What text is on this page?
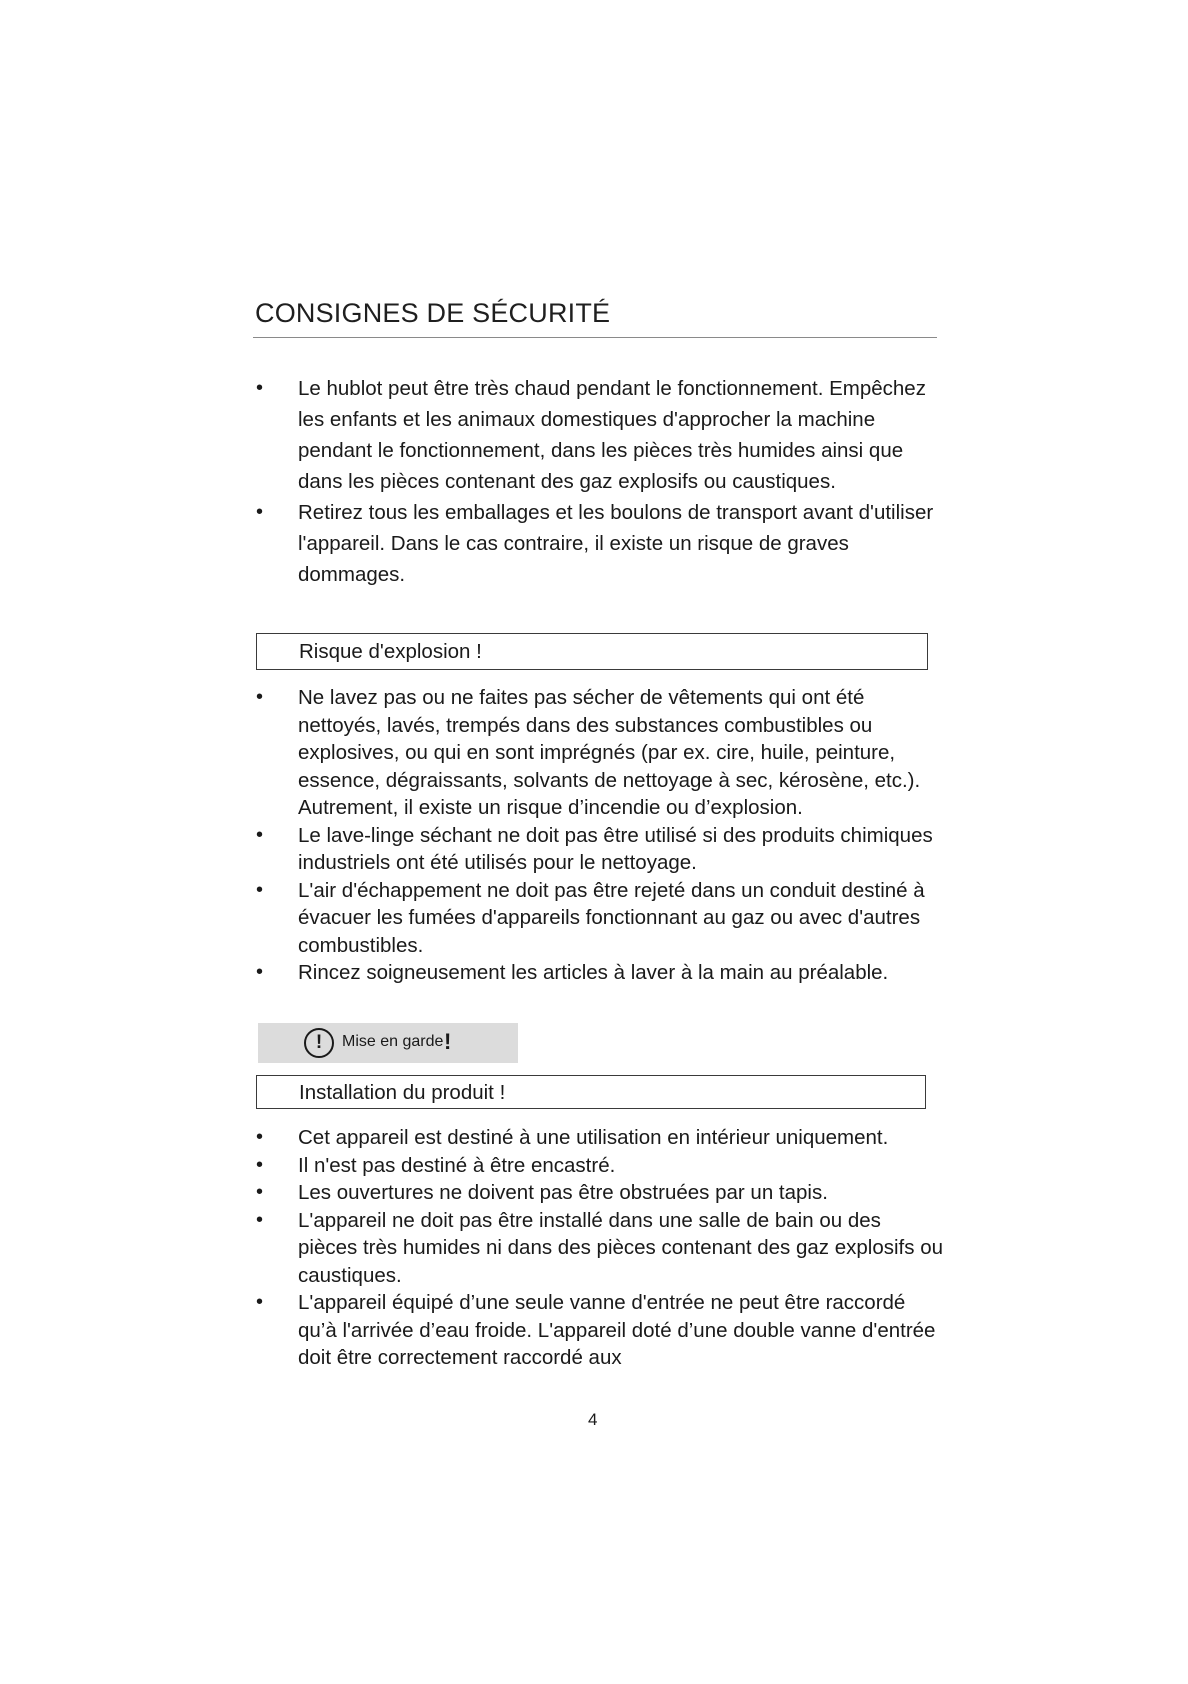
CONSIGNES DE SÉCURITÉ
• Le hublot peut être très chaud pendant le fonctionnement. Empêchez les enfants et les animaux domestiques d'approcher la machine pendant le fonctionnement, dans les pièces très humides ainsi que dans les pièces contenant des gaz explosifs ou caustiques.
• Retirez tous les emballages et les boulons de transport avant d'utiliser l'appareil. Dans le cas contraire, il existe un risque de graves dommages.
Risque d'explosion !
• Ne lavez pas ou ne faites pas sécher de vêtements qui ont été nettoyés, lavés, trempés dans des substances combustibles ou explosives, ou qui en sont imprégnés (par ex. cire, huile, peinture, essence, dégraissants, solvants de nettoyage à sec, kérosène, etc.). Autrement, il existe un risque d’incendie ou d’explosion.
• Le lave-linge séchant ne doit pas être utilisé si des produits chimiques industriels ont été utilisés pour le nettoyage.
• L'air d'échappement ne doit pas être rejeté dans un conduit destiné à évacuer les fumées d'appareils fonctionnant au gaz ou avec d'autres combustibles.
• Rincez soigneusement les articles à laver à la main au préalable.
!	Mise en garde !
Installation du produit !
• Cet appareil est destiné à une utilisation en intérieur uniquement.
• Il n'est pas destiné à être encastré.
• Les ouvertures ne doivent pas être obstruées par un tapis.
• L'appareil ne doit pas être installé dans une salle de bain ou des pièces très humides ni dans des pièces contenant des gaz explosifs ou caustiques.
• L'appareil équipé d’une seule vanne d'entrée ne peut être raccordé qu’à l'arrivée d’eau froide. L'appareil doté d’une double vanne d'entrée doit être correctement raccordé aux
4
